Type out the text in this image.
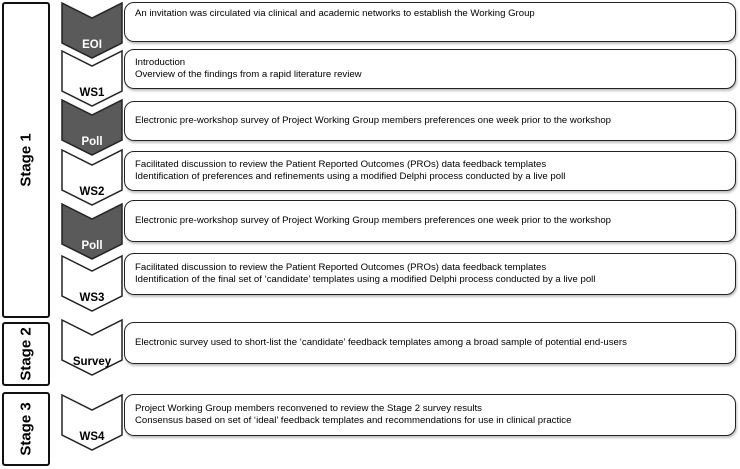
Stage 1
Stage 2
Stage 3
EOI
WS1
Poll
WS2
Poll
WS3
Survey
WS4
An invitation was circulated via clinical and academic networks to establish the Working Group
Introduction
Overview of the findings from a rapid literature review
Electronic pre-workshop survey of Project Working Group members preferences one week prior to the workshop
Facilitated discussion to review the Patient Reported Outcomes (PROs) data feedback templates
Identification of preferences and refinements using a modified Delphi process conducted by a live poll
Electronic pre-workshop survey of Project Working Group members preferences one week prior to the workshop
Facilitated discussion to review the Patient Reported Outcomes (PROs) data feedback templates
Identification of the final set of ‘candidate’ templates using a modified Delphi process conducted by a live poll
Electronic survey used to short-list the ‘candidate’ feedback templates among a broad sample of potential end-users
Project Working Group members reconvened to review the Stage 2 survey results
Consensus based on set of ‘ideal’ feedback templates and recommendations for use in clinical practice
